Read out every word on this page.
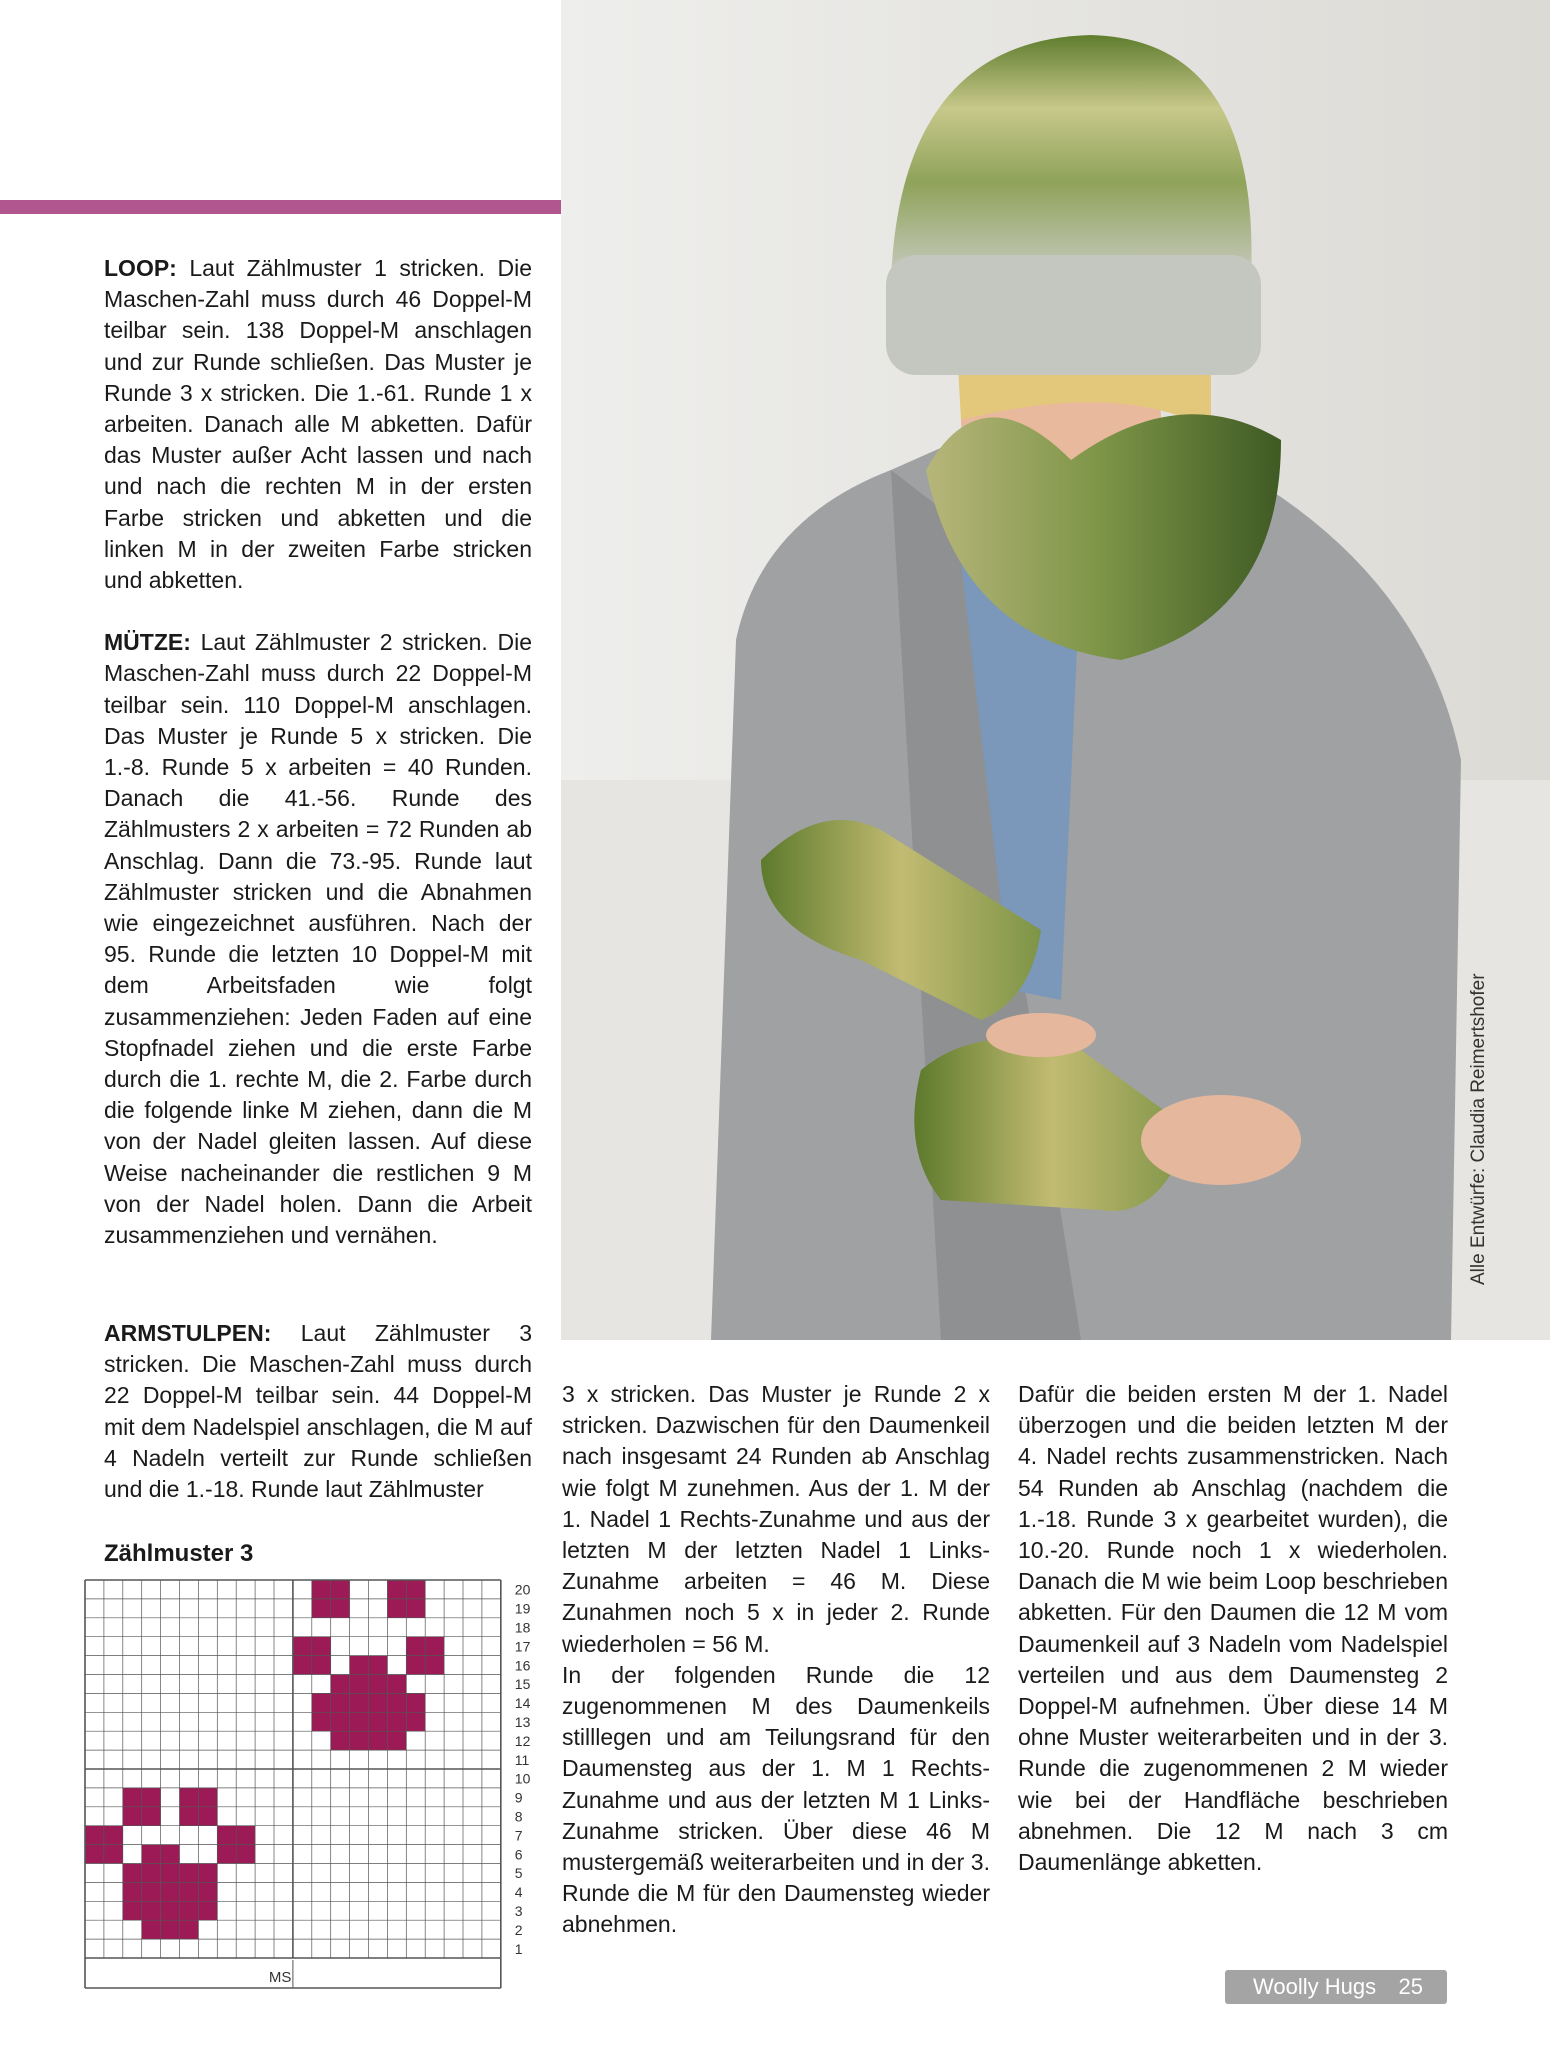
Alle Entwürfe: Claudia Reimertshofer

LOOP: Laut Zählmuster 1 stricken. Die Maschen-Zahl muss durch 46 Doppel-M teilbar sein. 138 Doppel-M anschlagen und zur Runde schließen. Das Muster je Runde 3 x stricken. Die 1.-61. Runde 1 x arbeiten. Danach alle M abketten. Dafür das Muster außer Acht lassen und nach und nach die rechten M in der ersten Farbe stricken und abketten und die linken M in der zweiten Farbe stricken und abketten.

MÜTZE: Laut Zählmuster 2 stricken. Die Maschen-Zahl muss durch 22 Doppel-M teilbar sein. 110 Doppel-M anschlagen. Das Muster je Runde 5 x stricken. Die 1.-8. Runde 5 x arbeiten = 40 Runden. Danach die 41.-56. Runde des Zählmusters 2 x arbeiten = 72 Runden ab Anschlag. Dann die 73.-95. Runde laut Zählmuster stricken und die Abnahmen wie eingezeichnet ausführen. Nach der 95. Runde die letzten 10 Doppel-M mit dem Arbeitsfaden wie folgt zusammenziehen: Jeden Faden auf eine Stopfnadel ziehen und die erste Farbe durch die 1. rechte M, die 2. Farbe durch die folgende linke M ziehen, dann die M von der Nadel gleiten lassen. Auf diese Weise nacheinander die restlichen 9 M von der Nadel holen. Dann die Arbeit zusammenziehen und vernähen.

ARMSTULPEN: Laut Zählmuster 3 stricken. Die Maschen-Zahl muss durch 22 Doppel-M teilbar sein. 44 Doppel-M mit dem Nadelspiel anschlagen, die M auf 4 Nadeln verteilt zur Runde schließen und die 1.-18. Runde laut Zählmuster

3 x stricken. Das Muster je Runde 2 x stricken. Dazwischen für den Daumenkeil nach insgesamt 24 Runden ab Anschlag wie folgt M zunehmen. Aus der 1. M der 1. Nadel 1 Rechts-Zunahme und aus der letzten M der letzten Nadel 1 Links-Zunahme arbeiten = 46 M. Diese Zunahmen noch 5 x in jeder 2. Runde wiederholen = 56 M.

In der folgenden Runde die 12 zugenommenen M des Daumenkeils stilllegen und am Teilungsrand für den Daumensteg aus der 1. M 1 Rechts-Zunahme und aus der letzten M 1 Links-Zunahme stricken. Über diese 46 M mustergemäß weiterarbeiten und in der 3. Runde die M für den Daumensteg wieder abnehmen.

Dafür die beiden ersten M der 1. Nadel überzogen und die beiden letzten M der 4. Nadel rechts zusammenstricken. Nach 54 Runden ab Anschlag (nachdem die 1.-18. Runde 3 x gearbeitet wurden), die 10.-20. Runde noch 1 x wiederholen. Danach die M wie beim Loop beschrieben abketten. Für den Daumen die 12 M vom Daumenkeil auf 3 Nadeln vom Nadelspiel verteilen und aus dem Daumensteg 2 Doppel-M aufnehmen. Über diese 14 M ohne Muster weiterarbeiten und in der 3. Runde die zugenommenen 2 M wieder wie bei der Handfläche beschrieben abnehmen. Die 12 M nach 3 cm Daumenlänge abketten.

Zählmuster 3
MS
20
19
18
17
16
15
14
13
12
11
10
9
8
7
6
5
4
3
2
1
Woolly Hugs 25
